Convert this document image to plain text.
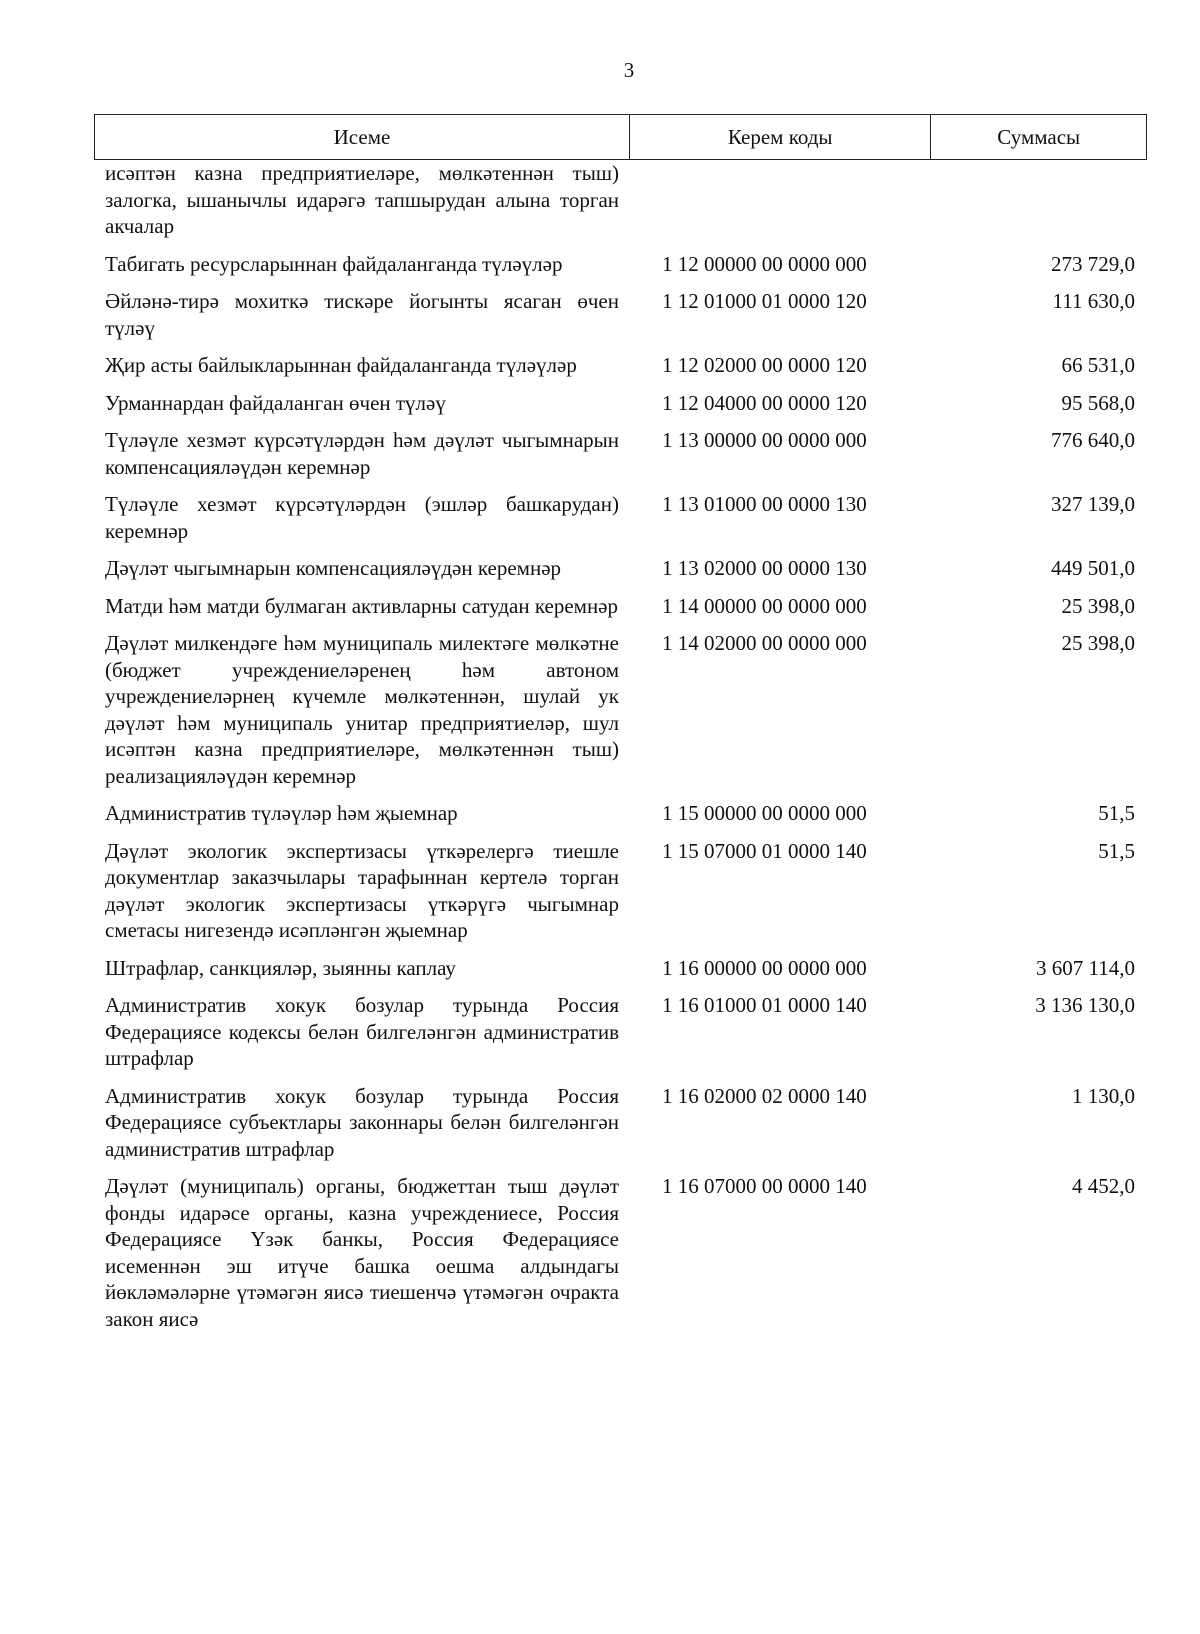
3
Исеме	Керем коды	Суммасы
исәптән казна предприятиеләре, мөлкәтеннән тыш) залогка, ышанычлы идарәгә тапшырудан алына торган акчалар
Табигать ресурсларыннан файдаланганда түләүләр	1 12 00000 00 0000 000	273 729,0
Әйләнә-тирә мохиткә тискәре йогынты ясаган өчен түләү
1 12 01000 01 0000 120	111 630,0
Җир асты байлыкларыннан файдаланганда түләүләр	1 12 02000 00 0000 120	66 531,0
Урманнардан файдаланган өчен түләү	1 12 04000 00 0000 120	95 568,0
Түләүле хезмәт күрсәтүләрдән һәм дәүләт чыгымнарын компенсацияләүдән керемнәр
1 13 00000 00 0000 000	776 640,0
Түләүле хезмәт күрсәтүләрдән (эшләр башкарудан) керемнәр
1 13 01000 00 0000 130	327 139,0
Дәүләт чыгымнарын компенсацияләүдән керемнәр	1 13 02000 00 0000 130	449 501,0
Матди һәм матди булмаган активларны сатудан керемнәр	1 14 00000 00 0000 000	25 398,0
Дәүләт милкендәге һәм муниципаль милектәге мөлкәтне (бюджет учреждениеләренең һәм автоном учреждениеләрнең күчемле мөлкәтеннән, шулай ук дәүләт һәм муниципаль унитар предприятиеләр, шул исәптән казна предприятиеләре, мөлкәтеннән тыш) реализацияләүдән керемнәр
1 14 02000 00 0000 000	25 398,0
Административ түләүләр һәм җыемнар	1 15 00000 00 0000 000	51,5
Дәүләт экологик экспертизасы үткәрелергә тиешле документлар заказчылары тарафыннан кертелә торган дәүләт экологик экспертизасы үткәрүгә чыгымнар сметасы нигезендә исәпләнгән җыемнар
1 15 07000 01 0000 140	51,5
Штрафлар, санкцияләр, зыянны каплау	1 16 00000 00 0000 000	3 607 114,0
Административ хокук бозулар турында Россия Федерациясе кодексы белән билгеләнгән административ штрафлар
1 16 01000 01 0000 140	3 136 130,0
Административ хокук бозулар турында Россия Федерациясе субъектлары законнары белән билгеләнгән административ штрафлар
1 16 02000 02 0000 140	1 130,0
Дәүләт (муниципаль) органы, бюджеттан тыш дәүләт фонды идарәсе органы, казна учреждениесе, Россия Федерациясе Үзәк банкы, Россия Федерациясе исеменнән эш итүче башка оешма алдындагы йөкләмәләрне үтәмәгән яисә тиешенчә үтәмәгән очракта закон яисә
1 16 07000 00 0000 140	4 452,0
